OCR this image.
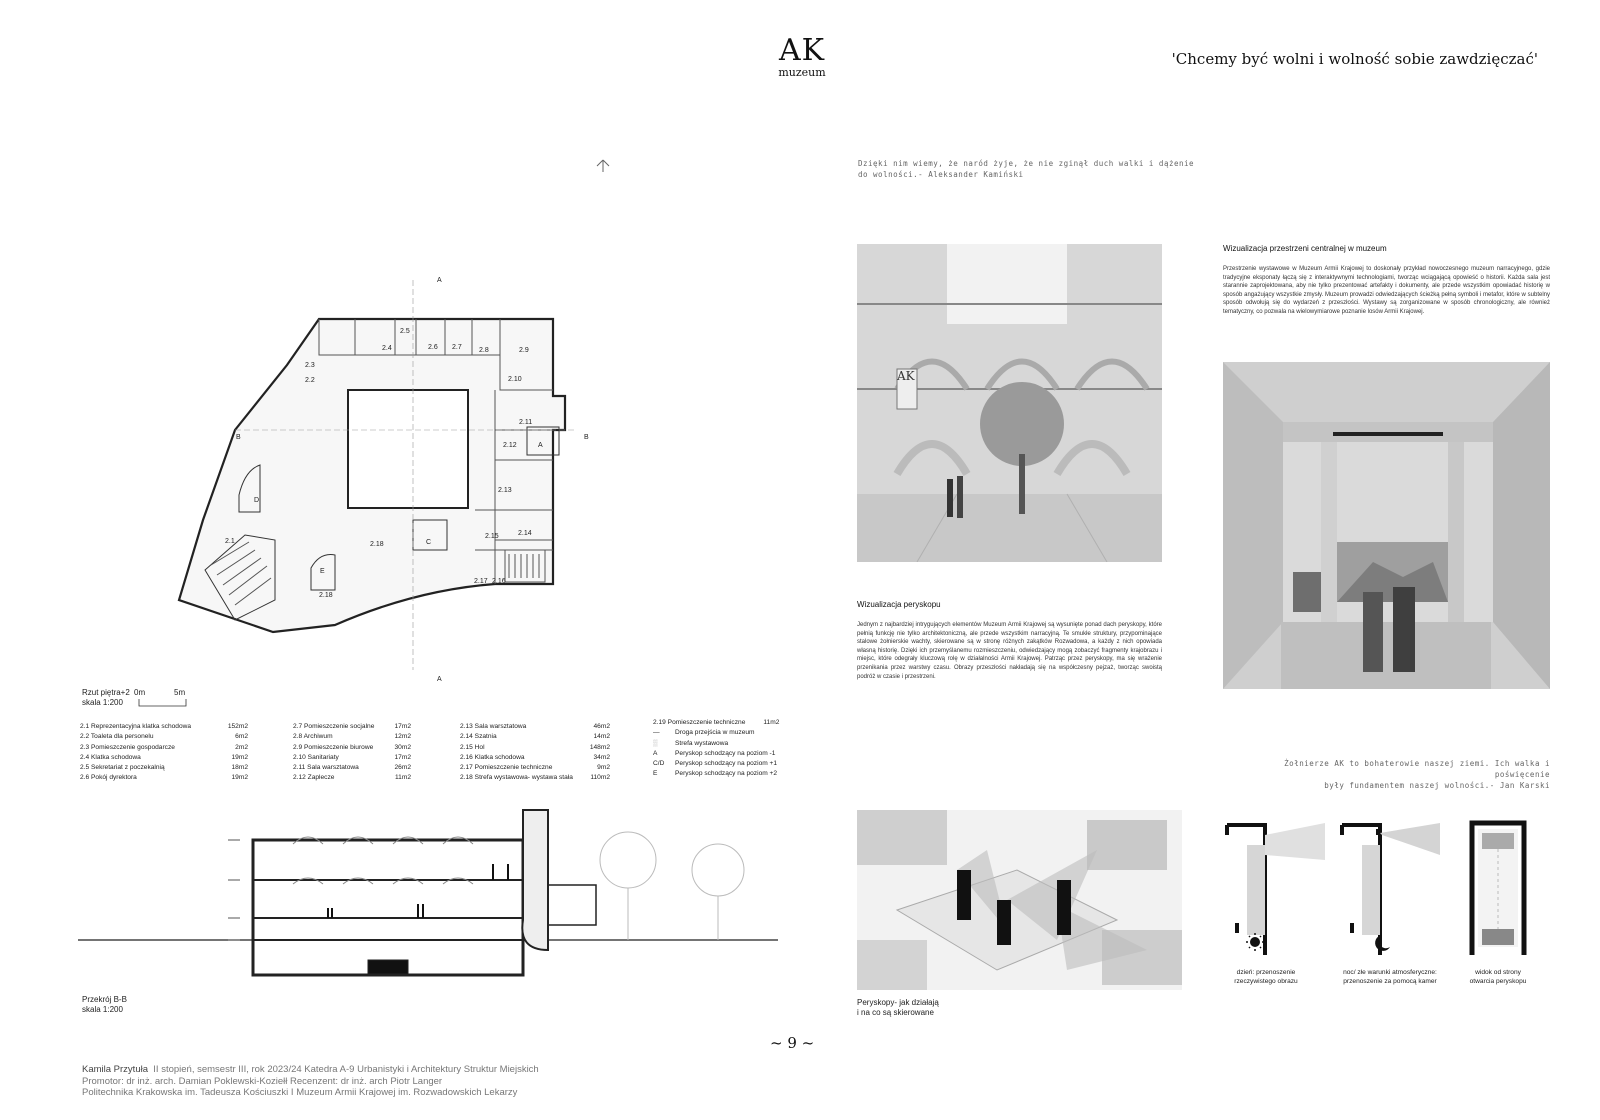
AK
muzeum
'Chcemy być wolni i wolność sobie zawdzięczać'
2.1
2.2
2.3
2.4
2.5
2.6 2.7 2.8	2.9
2.10
2.11
2.12
2.13
2.14
2.15
2.16
2.17
2.18
2.18
A
C
D
E
A
A
B	B
Rzut piętra+2
skala 1:200
0m	5m
2.1 Reprezentacyjna klatka schodowa	152m2
2.2 Toaleta dla personelu	6m2
2.3 Pomieszczenie gospodarcze	2m2
2.4 Klatka schodowa	19m2
2.5 Sekretariat z poczekalnią	18m2
2.6 Pokój dyrektora	19m2
2.7 Pomieszczenie socjalne	17m2
2.8 Archiwum	12m2
2.9 Pomieszczenie biurowe	30m2
2.10 Sanitariaty	17m2
2.11 Sala warsztatowa	26m2
2.12 Zaplecze	11m2
2.13 Sala warsztatowa	46m2
2.14 Szatnia	14m2
2.15 Hol	148m2
2.16 Klatka schodowa	34m2
2.17 Pomieszczenie techniczne	9m2
2.18 Strefa wystawowa- wystawa stała	110m2
2.19 Pomieszczenie techniczne	11m2
—	Droga przejścia w muzeum
▒	Strefa wystawowa
A	Peryskop schodzący na poziom -1
C/D	Peryskop schodzący na poziom +1
E	Peryskop schodzący na poziom +2
Przekrój B-B
skala 1:200
Dzięki nim wiemy, że naród żyje, że nie zginął duch walki i dążenie
do wolności.- Aleksander Kamiński
Żołnierze AK to bohaterowie naszej ziemi. Ich walka i poświęcenie
były fundamentem naszej wolności.- Jan Karski
AK
Wizualizacja przestrzeni centralnej w muzeum
Przestrzenie wystawowe w Muzeum Armii Krajowej to doskonały przykład nowoczesnego muzeum narracyjnego, gdzie tradycyjne eksponaty łączą się z interaktywnymi technologiami, tworząc wciągającą opowieść o historii. Każda sala jest starannie zaprojektowana, aby nie tylko prezentować artefakty i dokumenty, ale przede wszystkim opowiadać historię w sposób angażujący wszystkie zmysły. Muzeum prowadzi odwiedzających ścieżką pełną symboli i metafor, które w subtelny sposób odwołują się do wydarzeń z przeszłości. Wystawy są zorganizowane w sposób chronologiczny, ale również tematyczny, co pozwala na wielowymiarowe poznanie losów Armii Krajowej.
Wizualizacja peryskopu
Jednym z najbardziej intrygujących elementów Muzeum Armii Krajowej są wysunięte ponad dach peryskopy, które pełnią funkcję nie tylko architektoniczną, ale przede wszystkim narracyjną. Te smukłe struktury, przypominające stalowe żołnierskie wachty, skierowane są w stronę różnych zakątków Rozwadowa, a każdy z nich opowiada własną historię. Dzięki ich przemyślanemu rozmieszczeniu, odwiedzający mogą zobaczyć fragmenty krajobrazu i miejsc, które odegrały kluczową rolę w działalności Armii Krajowej. Patrząc przez peryskopy, ma się wrażenie przenikania przez warstwy czasu. Obrazy przeszłości nakładają się na współczesny pejzaż, tworząc swoistą podróż w czasie i przestrzeni.
Peryskopy- jak działają
i na co są skierowane
dzień: przenoszenie
rzeczywistego obrazu
noc/ złe warunki atmosferyczne:
przenoszenie za pomocą kamer
widok od strony
otwarcia peryskopu
~ 9 ~
Kamila Przytuła II stopień, semsestr III, rok 2023/24 Katedra A-9 Urbanistyki i Architektury Struktur Miejskich
Promotor: dr inż. arch. Damian Poklewski-Koziełł Recenzent: dr inż. arch Piotr Langer
Politechnika Krakowska im. Tadeusza Kościuszki I Muzeum Armii Krajowej im. Rozwadowskich Lekarzy
